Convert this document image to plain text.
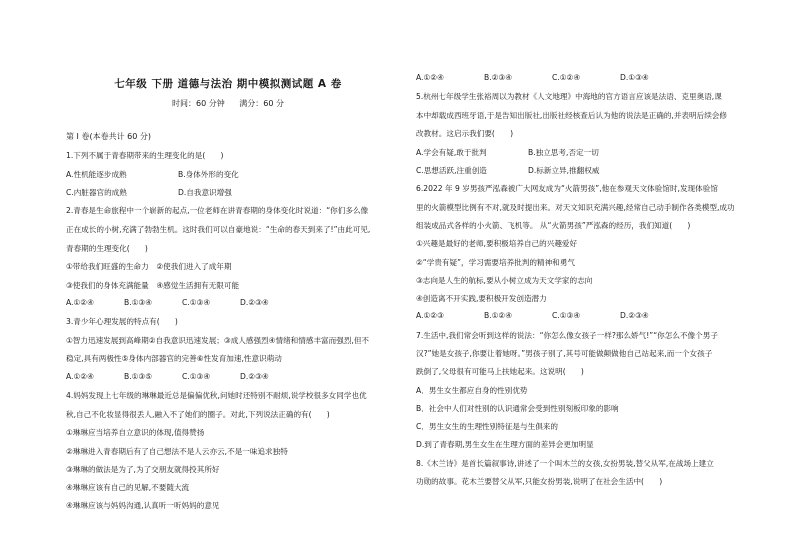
七年级 下册 道德与法治 期中模拟测试题 A 卷
时间：60 分钟 满分：60 分
第 I 卷(本卷共计 60 分)
1.下列不属于青春期带来的生理变化的是(　　)
A.性机能逐步成熟	B.身体外形的变化
C.内脏器官的成熟	D.自我意识增强
2.青春是生命旅程中一个崭新的起点,一位老师在讲青春期的身体变化时说道：“你们多么像
正在成长的小树,充满了勃勃生机。这时我们可以自豪地说：“生命的春天到来了!”由此可见,
青春期的生理变化(　　)
①带给我们旺盛的生命力　②使我们进入了成年期
③使我们的身体充满能量　④感觉生活拥有无限可能
A.①②④	B.①③④	C.①③④	D.②③④
3.青少年心理发展的特点有(　　)
①智力迅速发展到高峰期②自我意识迅速发展；③成人感强烈④情绪和情感丰富而强烈,但不
稳定,具有两极性⑤身体内部器官的完善⑥性发育加速,性意识萌动
A.①②④	B.①③⑤	C.①③④	D.②③④
4.妈妈发现上七年级的琳琳最近总是偏偏优秋,问她时还特别不耐烦,说学校很多女同学也优
秋,自己不化妆显得很丢人,融入不了她们的圈子。对此,下列说法正确的有(　　)
①琳琳应当培养自立意识的体现,值得赞扬
②琳琳进入青春期后有了自己想法不是人云亦云,不是一味追求独特
③琳琳的做法是为了,为了交朋友就得投其所好
④琳琳应该有自己的见解,不要随大流
④琳琳应该与妈妈沟通,认真听一听妈妈的意见
A.①②④	B.②③④	C.①②④	D.①③④
5.杭州七年级学生张裕周以为教材《人文地理》中海地的官方语言应该是法语、克里奥语,课
本中却载成西班牙语,于是告知出版社,出版社经核查后认为他的说法是正确的,并表明后续会修
改教材。这启示我们要(　　)
A.学会有疑,敢于批判	B.独立思考,否定一切
C.思想活跃,注重创造	D.标新立异,推翻权威
6.2022 年 9 岁男孩严泓森被广大网友成为“火箭男孩”,他在参观天文体验馆时,发现体验馆
里的火箭模型比例有不对,就及时提出来。对天文知识充满兴趣,经常自己动手制作各类模型,成功
组装成品式各样的小火箭、飞机等。 从“火箭男孩”严泓森的经历，我们知道(　　)
①兴趣是最好的老师,要积极培养自己的兴趣爱好
②“学贵有疑”，学习需要培养批判的精神和勇气
③志向是人生的航标,要从小树立成为天文学家的志向
④创造离不开实践,要积极开发创造潜力
A.①②③	B.①②④	C.①③④	D.②③④
7.生活中,我们常会听到这样的说法：“你怎么像女孩子一样?那么娇气!”“你怎么不像个男子
汉?”她是女孩子,你要让着她呀。”男孩子别了,其号可能做颠做他自己站起来,而一个女孩子
跌倒了,父母很有可能马上扶她起来。这说明(　　)
A．男生女生都应自身的性别优势
B．社会中人们对性别的认识通常会受到性别刻板印象的影响
C．男生女生的生理性别特征是与生俱来的
D.到了青春期,男生女生在生理方面的差异会更加明显
8.《木兰诗》是首长篇叙事诗,讲述了一个叫木兰的女孩,女扮男装,替父从军,在战场上建立
功勋的故事。花木兰要替父从军,只能女扮男装,说明了在社会生活中(　　)
